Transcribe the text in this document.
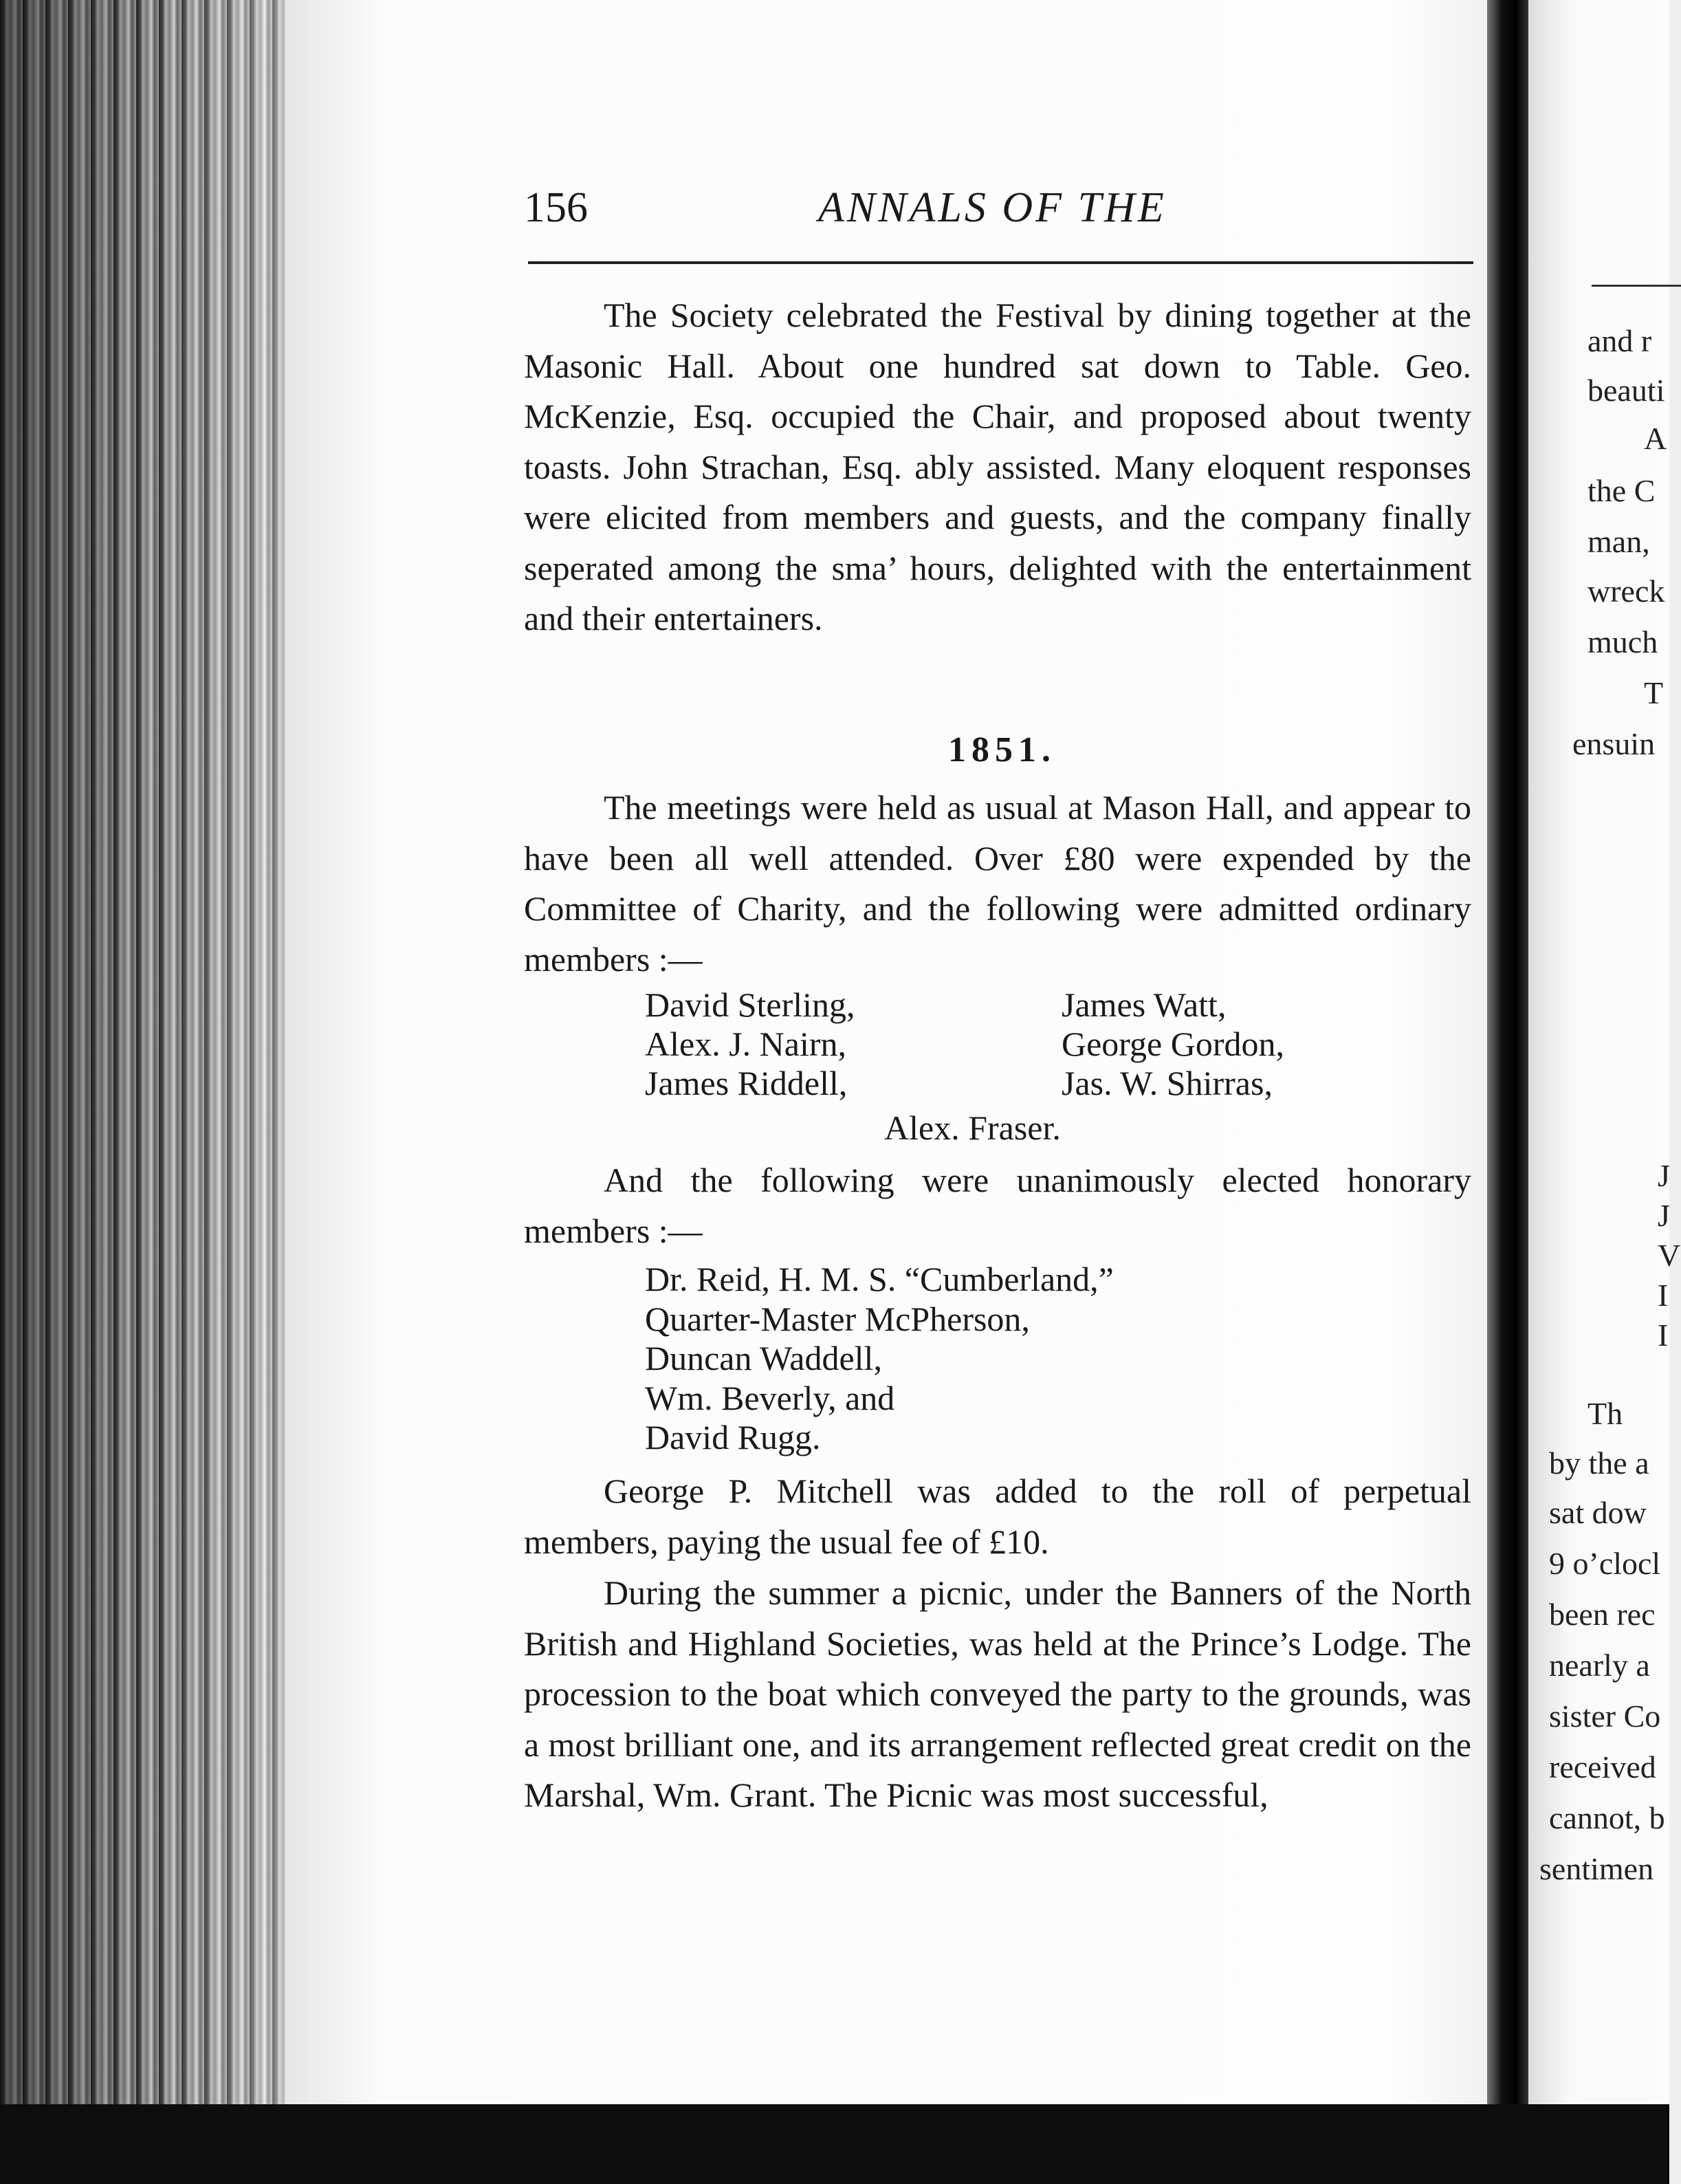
156	ANNALS OF THE

The Society celebrated the Festival by dining together at the Masonic Hall. About one hundred sat down to Table. Geo. McKenzie, Esq. occupied the Chair, and proposed about twenty toasts. John Strachan, Esq. ably assisted. Many eloquent responses were elicited from members and guests, and the company finally seperated among the sma’ hours, delighted with the entertainment and their entertainers.

1851.

The meetings were held as usual at Mason Hall, and appear to have been all well attended. Over £80 were expended by the Committee of Charity, and the following were admitted ordinary members :—

David Sterling,	James Watt,
Alex. J. Nairn,	George Gordon,
James Riddell,	Jas. W. Shirras,
Alex. Fraser.

And the following were unanimously elected honorary members :—

Dr. Reid, H. M. S. “Cumberland,”
Quarter-Master McPherson,
Duncan Waddell,
Wm. Beverly, and
David Rugg.

George P. Mitchell was added to the roll of perpetual members, paying the usual fee of £10.

During the summer a picnic, under the Banners of the North British and Highland Societies, was held at the Prince’s Lodge. The procession to the boat which conveyed the party to the grounds, was a most brilliant one, and its arrangement reflected great credit on the Marshal, Wm. Grant. The Picnic was most successful,

and r
beauti
A
the C
man,
wreck
much
T
ensuin
J
J
V
I
I
Th
by the a
sat dow
9 o’clocl
been rec
nearly a
sister Co
received
cannot, b
sentimen
